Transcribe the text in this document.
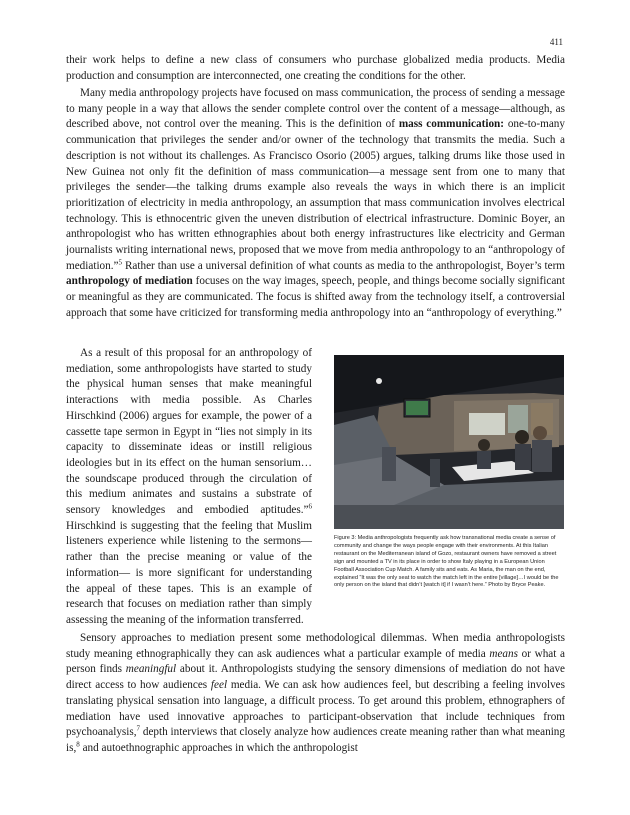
411

their work helps to define a new class of consumers who purchase globalized media products. Media production and consumption are interconnected, one creating the conditions for the other.

Many media anthropology projects have focused on mass communication, the process of sending a message to many people in a way that allows the sender complete control over the content of a message—although, as described above, not control over the meaning. This is the definition of mass communication: one-to-many communication that privileges the sender and/or owner of the technology that transmits the media. Such a description is not without its challenges. As Francisco Osorio (2005) argues, talking drums like those used in New Guinea not only fit the definition of mass communication—a message sent from one to many that privileges the sender—the talking drums example also reveals the ways in which there is an implicit prioritization of electricity in media anthropology, an assumption that mass communication involves electrical technology. This is ethnocentric given the uneven distribution of electrical infrastructure. Dominic Boyer, an anthropologist who has written ethnographies about both energy infrastructures like electricity and German journalists writing international news, proposed that we move from media anthropology to an “anthropology of mediation.”$^5$ Rather than use a universal definition of what counts as media to the anthropologist, Boyer’s term anthropology of mediation focuses on the way images, speech, people, and things become socially significant or meaningful as they are communicated. The focus is shifted away from the technology itself, a controversial approach that some have criticized for transforming media anthropology into an “anthropology of everything.”

As a result of this proposal for an anthropology of mediation, some anthropologists have started to study the physical human senses that make meaningful interactions with media possible. As Charles Hirschkind (2006) argues for example, the power of a cassette tape sermon in Egypt in “lies not simply in its capacity to disseminate ideas or instill religious ideologies but in its effect on the human sensorium…the soundscape produced through the circulation of this medium animates and sustains a substrate of sensory knowledges and embodied aptitudes.”$^6$ Hirschkind is suggesting that the feeling that Muslim listeners experience while listening to the sermons—rather than the precise meaning or value of the information— is more significant for understanding the appeal of these tapes. This is an example of research that focuses on mediation rather than simply assessing the meaning of the information transferred.

Figure 3: Media anthropologists frequently ask how transnational media create a sense of community and change the ways people engage with their environments. At this Italian restaurant on the Mediterranean island of Gozo, restaurant owners have removed a street sign and mounted a TV in its place in order to show Italy playing in a European Union Football Association Cup Match. A family sits and eats. As Maria, the man on the end, explained “It was the only seat to watch the match left in the entire [village]…I would be the only person on the island that didn’t [watch it] if I wasn’t here.” Photo by Bryce Peake.

Sensory approaches to mediation present some methodological dilemmas. When media anthropologists study meaning ethnographically they can ask audiences what a particular example of media means or what a person finds meaningful about it. Anthropologists studying the sensory dimensions of mediation do not have direct access to how audiences feel media. We can ask how audiences feel, but describing a feeling involves translating physical sensation into language, a difficult process. To get around this problem, ethnographers of mediation have used innovative approaches to participant-observation that include techniques from psychoanalysis,$^7$ depth interviews that closely analyze how audiences create meaning rather than what meaning is,$^8$ and autoethnographic approaches in which the anthropologist
